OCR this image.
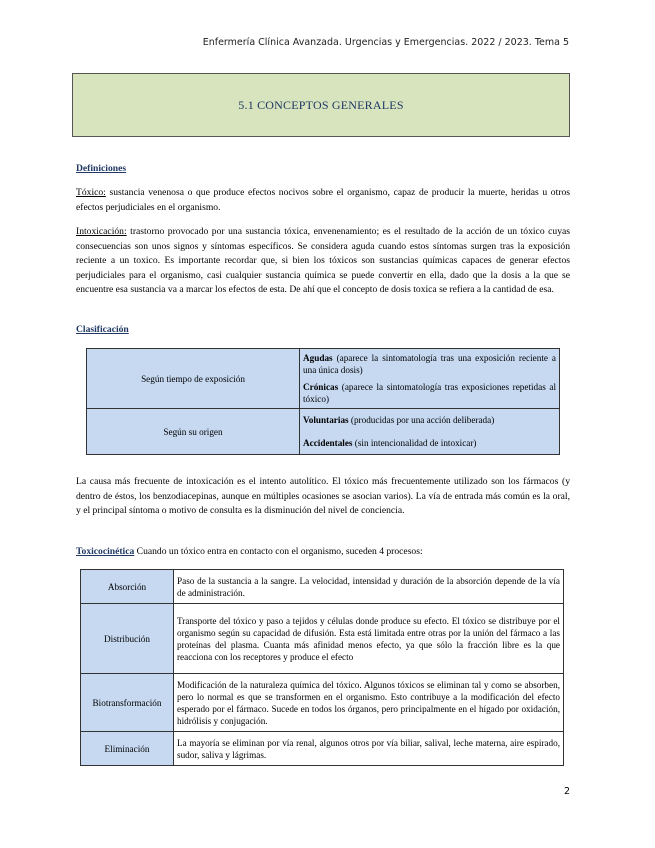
Enfermería Clínica Avanzada. Urgencias y Emergencias. 2022 / 2023. Tema 5
5.1 CONCEPTOS GENERALES
Definiciones
Tóxico: sustancia venenosa o que produce efectos nocivos sobre el organismo, capaz de producir la muerte, heridas u otros efectos perjudiciales en el organismo.
Intoxicación: trastorno provocado por una sustancia tóxica, envenenamiento; es el resultado de la acción de un tóxico cuyas consecuencias son unos signos y síntomas específicos. Se considera aguda cuando estos síntomas surgen tras la exposición reciente a un toxico. Es importante recordar que, si bien los tóxicos son sustancias químicas capaces de generar efectos perjudiciales para el organismo, casi cualquier sustancia química se puede convertir en ella, dado que la dosis a la que se encuentre esa sustancia va a marcar los efectos de esta. De ahí que el concepto de dosis toxica se refiera a la cantidad de esa.
Clasificación
Según tiempo de exposición	Agudas (aparece la sintomatología tras una exposición reciente a una única dosis)

Crónicas (aparece la sintomatología tras exposiciones repetidas al tóxico)

Según su origen	Voluntarias (producidas por una acción deliberada)

Accidentales (sin intencionalidad de intoxicar)

La causa más frecuente de intoxicación es el intento autolítico. El tóxico más frecuentemente utilizado son los fármacos (y dentro de éstos, los benzodiacepinas, aunque en múltiples ocasiones se asocian varios). La vía de entrada más común es la oral, y el principal síntoma o motivo de consulta es la disminución del nivel de conciencia.
Toxicocinética Cuando un tóxico entra en contacto con el organismo, suceden 4 procesos:
Absorción	Paso de la sustancia a la sangre. La velocidad, intensidad y duración de la absorción depende de la vía de administración.
Distribución	Transporte del tóxico y paso a tejidos y células donde produce su efecto. El tóxico se distribuye por el organismo según su capacidad de difusión. Esta está limitada entre otras por la unión del fármaco a las proteínas del plasma. Cuanta más afinidad menos efecto, ya que sólo la fracción libre es la que reacciona con los receptores y produce el efecto
Biotransformación	Modificación de la naturaleza química del tóxico. Algunos tóxicos se eliminan tal y como se absorben, pero lo normal es que se transformen en el organismo. Esto contribuye a la modificación del efecto esperado por el fármaco. Sucede en todos los órganos, pero principalmente en el hígado por oxidación, hidrólisis y conjugación.
Eliminación	La mayoría se eliminan por vía renal, algunos otros por vía biliar, salival, leche materna, aire espirado, sudor, saliva y lágrimas.
2
